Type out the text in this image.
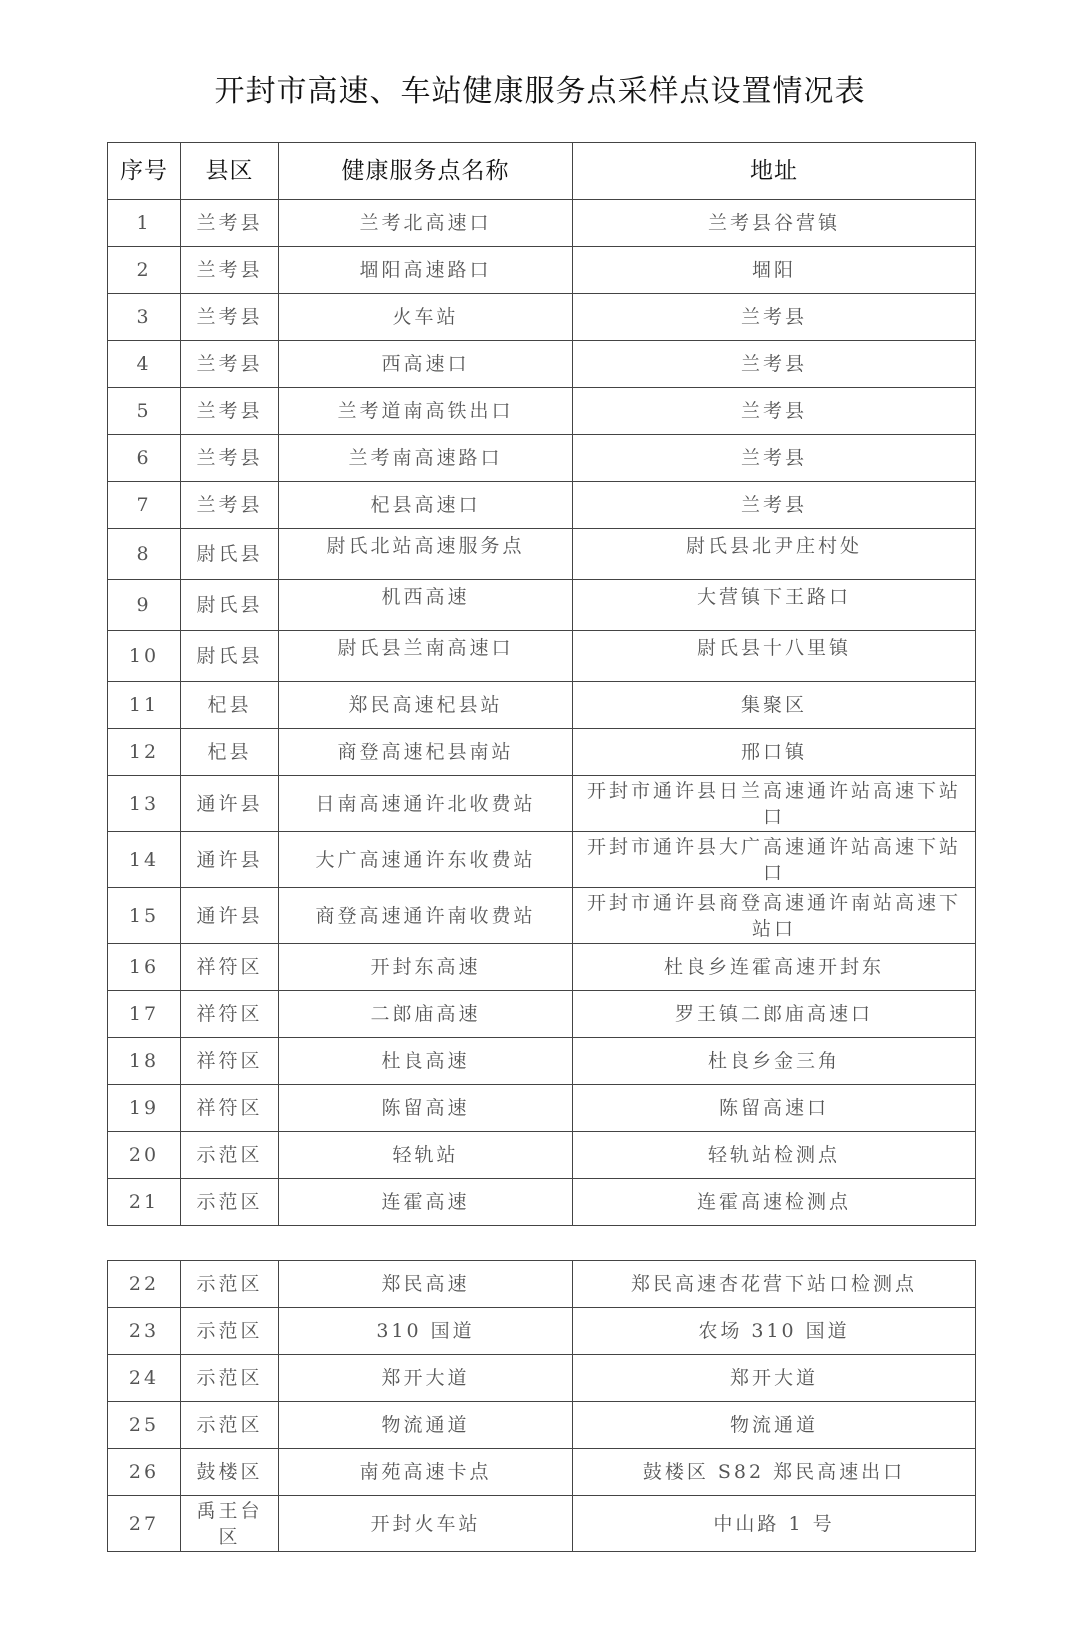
开封市高速、车站健康服务点采样点设置情况表
序号	县区	健康服务点名称	地址
1	兰考县	兰考北高速口	兰考县谷营镇
2	兰考县	堌阳高速路口	堌阳
3	兰考县	火车站	兰考县
4	兰考县	西高速口	兰考县
5	兰考县	兰考道南高铁出口	兰考县
6	兰考县	兰考南高速路口	兰考县
7	兰考县	杞县高速口	兰考县
8	尉氏县	尉氏北站高速服务点	尉氏县北尹庄村处
9	尉氏县	机西高速	大营镇下王路口
10	尉氏县	尉氏县兰南高速口	尉氏县十八里镇
11	杞县	郑民高速杞县站	集聚区
12	杞县	商登高速杞县南站	邢口镇
13	通许县	日南高速通许北收费站	开封市通许县日兰高速通许站高速下站口
14	通许县	大广高速通许东收费站	开封市通许县大广高速通许站高速下站口
15	通许县	商登高速通许南收费站	开封市通许县商登高速通许南站高速下站口
16	祥符区	开封东高速	杜良乡连霍高速开封东
17	祥符区	二郎庙高速	罗王镇二郎庙高速口
18	祥符区	杜良高速	杜良乡金三角
19	祥符区	陈留高速	陈留高速口
20	示范区	轻轨站	轻轨站检测点
21	示范区	连霍高速	连霍高速检测点
22	示范区	郑民高速	郑民高速杏花营下站口检测点
23	示范区	310 国道	农场 310 国道
24	示范区	郑开大道	郑开大道
25	示范区	物流通道	物流通道
26	鼓楼区	南苑高速卡点	鼓楼区 S82 郑民高速出口
27	禹王台区	开封火车站	中山路 1 号
